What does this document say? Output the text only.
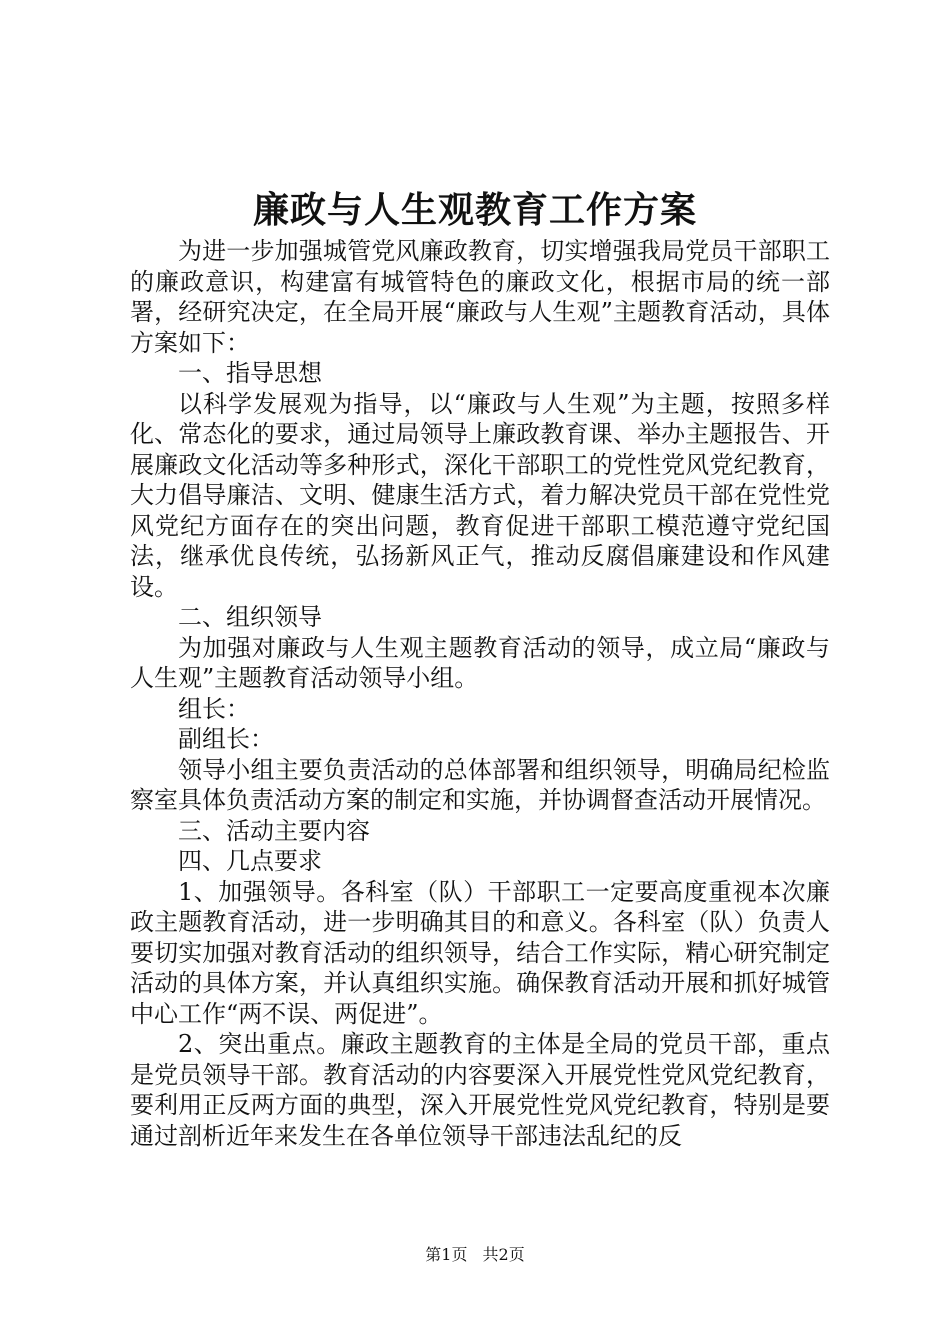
廉政与人生观教育工作方案

为进一步加强城管党风廉政教育，切实增强我局党员干部职工的廉政意识，构建富有城管特色的廉政文化，根据市局的统一部署，经研究决定，在全局开展“廉政与人生观”主题教育活动，具体方案如下：

一、指导思想

以科学发展观为指导，以“廉政与人生观”为主题，按照多样化、常态化的要求，通过局领导上廉政教育课、举办主题报告、开展廉政文化活动等多种形式，深化干部职工的党性党风党纪教育，大力倡导廉洁、文明、健康生活方式，着力解决党员干部在党性党风党纪方面存在的突出问题，教育促进干部职工模范遵守党纪国法，继承优良传统，弘扬新风正气，推动反腐倡廉建设和作风建设。

二、组织领导

为加强对廉政与人生观主题教育活动的领导，成立局“廉政与人生观”主题教育活动领导小组。

组长：

副组长：

领导小组主要负责活动的总体部署和组织领导，明确局纪检监察室具体负责活动方案的制定和实施，并协调督查活动开展情况。

三、活动主要内容

四、几点要求

1、加强领导。各科室（队）干部职工一定要高度重视本次廉政主题教育活动，进一步明确其目的和意义。各科室（队）负责人要切实加强对教育活动的组织领导，结合工作实际，精心研究制定活动的具体方案，并认真组织实施。确保教育活动开展和抓好城管中心工作“两不误、两促进”。

2、突出重点。廉政主题教育的主体是全局的党员干部，重点是党员领导干部。教育活动的内容要深入开展党性党风党纪教育，要利用正反两方面的典型，深入开展党性党风党纪教育，特别是要通过剖析近年来发生在各单位领导干部违法乱纪的反

第1页 共2页
